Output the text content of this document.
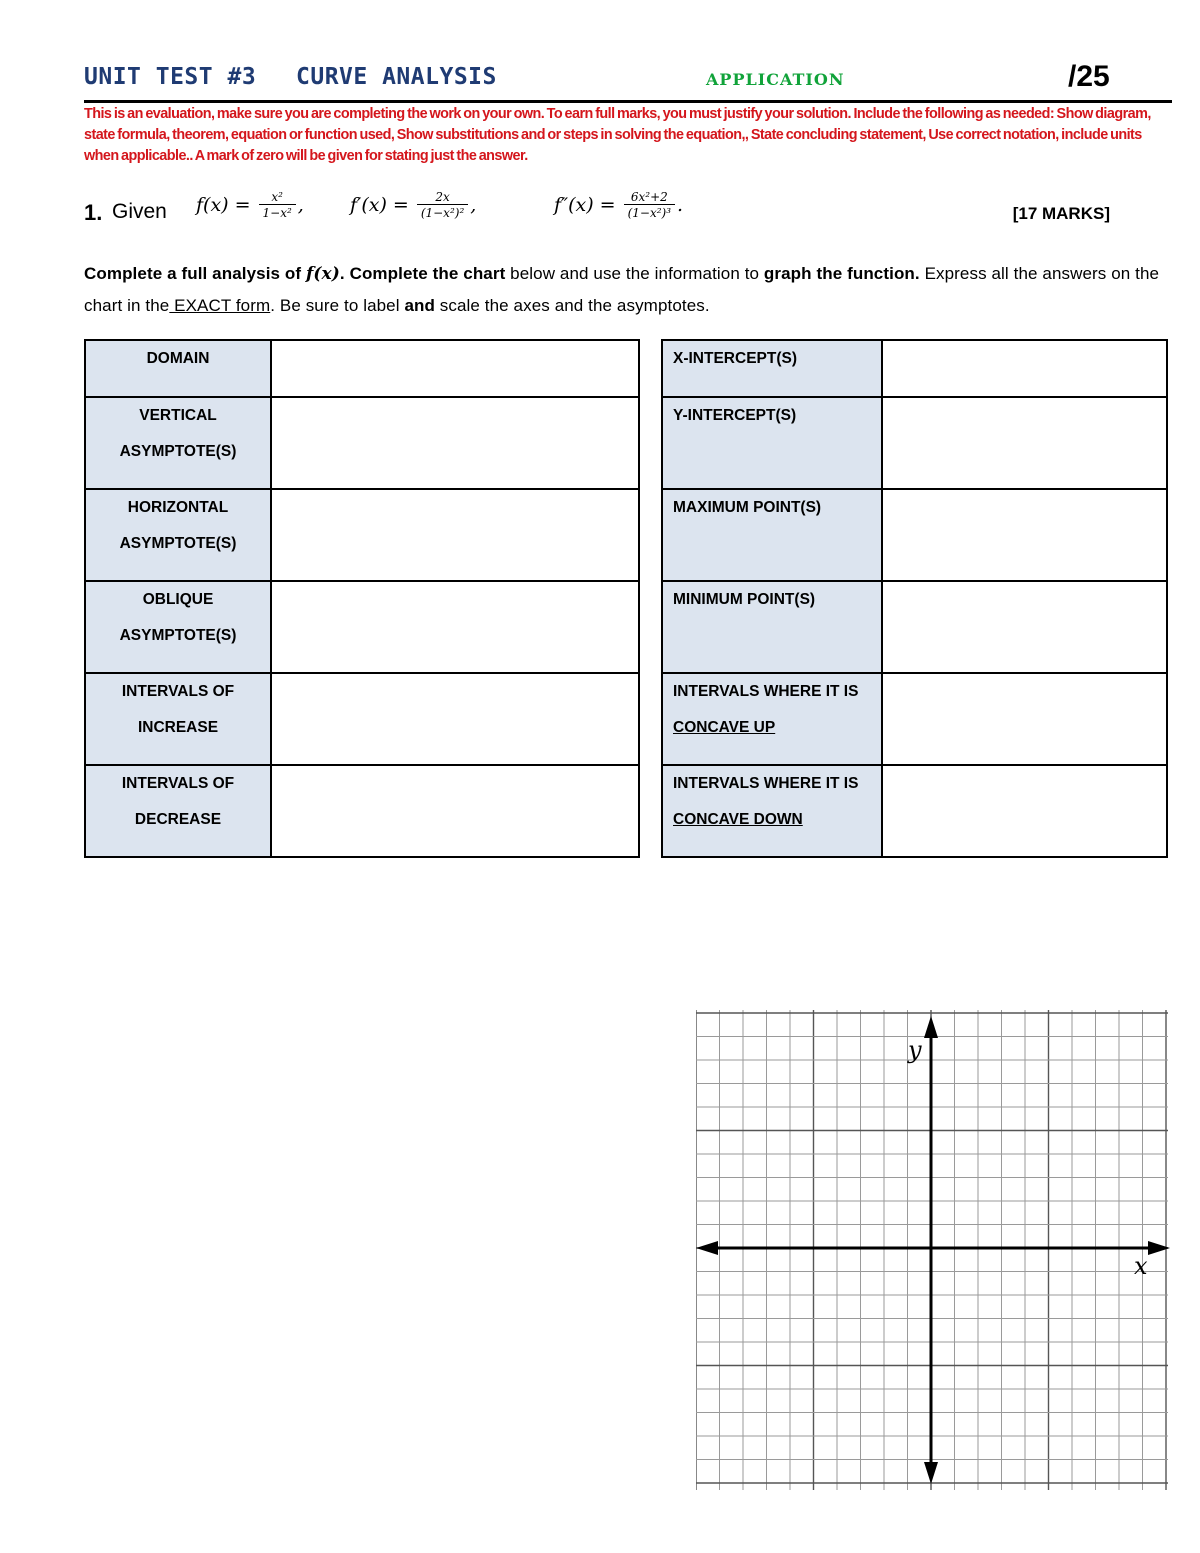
UNIT TEST #3 CURVE ANALYSIS	APPLICATION	/25
This is an evaluation, make sure you are completing the work on your own. To earn full marks, you must justify your solution. Include the following as needed: Show diagram, state formula, theorem, equation or function used, Show substitutions and or steps in solving the equation,, State concluding statement, Use correct notation, include units when applicable.. A mark of zero will be given for stating just the answer.
1. Given $f(x) = \frac{\text{x²}}{\text{1−x²}}$ , $f'(x) = \frac{2x}{\text{(1−x²)²}}$ ,	$f''(x) = \frac{\text{6x²+2}}{\text{(1−x²)³}}$ .	[17 MARKS]
Complete a full analysis of f(x). Complete the chart below and use the information to graph the function. Express all the answers on the chart in the EXACT form. Be sure to label and scale the axes and the asymptotes.
DOMAIN	

VERTICAL
ASYMPTOTE(S)	

HORIZONTAL
ASYMPTOTE(S)	

OBLIQUE
ASYMPTOTE(S)	

INTERVALS OF
INCREASE	

INTERVALS OF
DECREASE	

X-INTERCEPT(S)	

Y-INTERCEPT(S)	

MAXIMUM POINT(S)	

MINIMUM POINT(S)	

INTERVALS WHERE IT IS
CONCAVE UP	

INTERVALS WHERE IT IS
CONCAVE DOWN	

y
x
